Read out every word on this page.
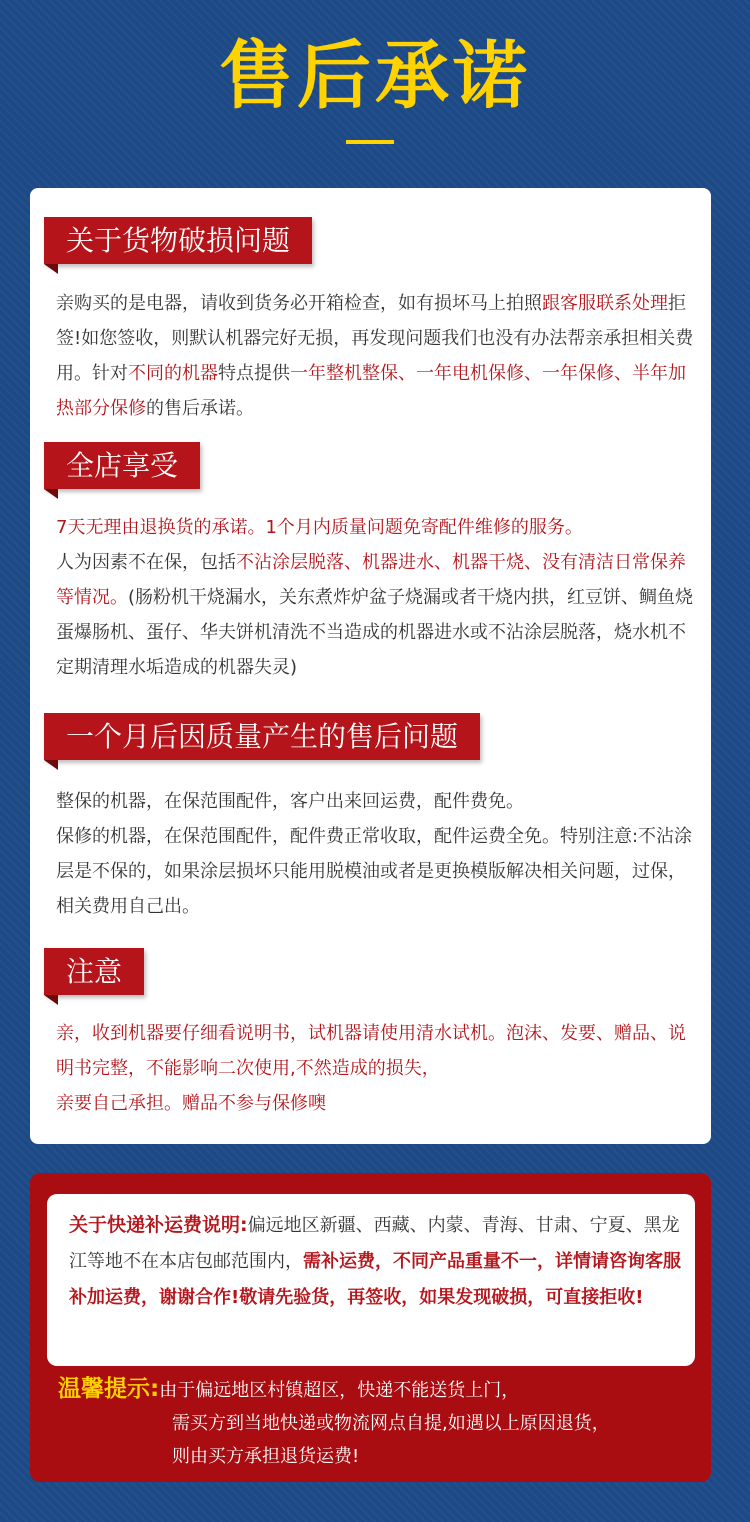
售后承诺
关于货物破损问题
亲购买的是电器，请收到货务必开箱检查，如有损坏马上拍照跟客服联系处理拒签!如您签收，则默认机器完好无损，再发现问题我们也没有办法帮亲承担相关费用。针对不同的机器特点提供一年整机整保、一年电机保修、一年保修、半年加热部分保修的售后承诺。
全店享受
7天无理由退换货的承诺。1个月内质量问题免寄配件维修的服务。
人为因素不在保，包括不沾涂层脱落、机器进水、机器干烧、没有清洁日常保养等情况。(肠粉机干烧漏水，关东煮炸炉盆子烧漏或者干烧内拱，红豆饼、鲷鱼烧蛋爆肠机、蛋仔、华夫饼机清洗不当造成的机器进水或不沾涂层脱落，烧水机不定期清理水垢造成的机器失灵)
一个月后因质量产生的售后问题
整保的机器，在保范围配件，客户出来回运费，配件费免。
保修的机器，在保范围配件，配件费正常收取，配件运费全免。特别注意:不沾涂层是不保的，如果涂层损坏只能用脱模油或者是更换模版解决相关问题，过保，相关费用自己出。
注意
亲，收到机器要仔细看说明书，试机器请使用清水试机。泡沫、发要、赠品、说明书完整，不能影响二次使用,不然造成的损失，
亲要自己承担。赠品不参与保修噢
关于快递补运费说明:偏远地区新疆、西藏、内蒙、青海、甘肃、宁夏、黑龙江等地不在本店包邮范围内，需补运费，不同产品重量不一，详情请咨询客服补加运费，谢谢合作!敬请先验货，再签收，如果发现破损，可直接拒收!
温馨提示:由于偏远地区村镇超区，快递不能送货上门，
需买方到当地快递或物流网点自提,如遇以上原因退货，
则由买方承担退货运费!
